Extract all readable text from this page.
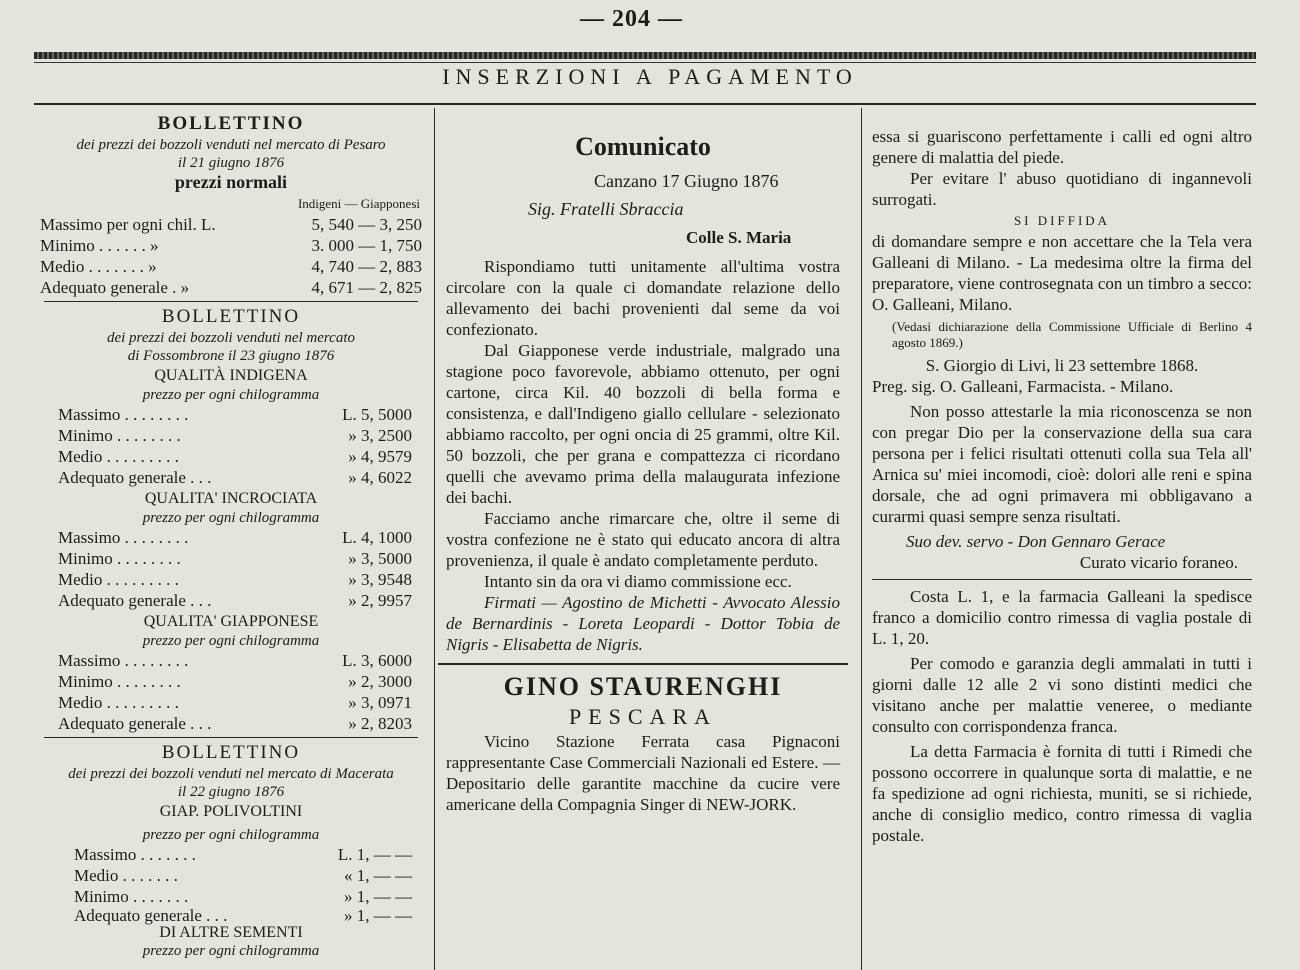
— 204 —
INSERZIONI A PAGAMENTO
BOLLETTINO
dei prezzi dei bozzoli venduti nel mercato di Pesaro
il 21 giugno 1876
prezzi normali
Indigeni — Giapponesi
Massimo per ogni chil. L.	5, 540 — 3, 250
Minimo . . . . . . »	3. 000 — 1, 750
Medio . . . . . . . »	4, 740 — 2, 883
Adequato generale . »	4, 671 — 2, 825
BOLLETTINO
dei prezzi dei bozzoli venduti nel mercato
di Fossombrone il 23 giugno 1876
QUALITÀ INDIGENA
prezzo per ogni chilogramma
Massimo . . . . . . . .	L. 5, 5000
Minimo . . . . . . . .	» 3, 2500
Medio . . . . . . . . .	» 4, 9579
Adequato generale . . .	» 4, 6022
QUALITA' INCROCIATA
prezzo per ogni chilogramma
Massimo . . . . . . . .	L. 4, 1000
Minimo . . . . . . . .	» 3, 5000
Medio . . . . . . . . .	» 3, 9548
Adequato generale . . .	» 2, 9957
QUALITA' GIAPPONESE
prezzo per ogni chilogramma
Massimo . . . . . . . .	L. 3, 6000
Minimo . . . . . . . .	» 2, 3000
Medio . . . . . . . . .	» 3, 0971
Adequato generale . . .	» 2, 8203
BOLLETTINO
dei prezzi dei bozzoli venduti nel mercato di Macerata
il 22 giugno 1876
GIAP. POLIVOLTINI
prezzo per ogni chilogramma
Massimo . . . . . . .	L. 1, — —
Medio . . . . . . .	« 1, — —
Minimo . . . . . . .	» 1, — —
Adequato generale . . .	» 1, — —
DI ALTRE SEMENTI
prezzo per ogni chilogramma
Comunicato
Canzano 17 Giugno 1876
Sig. Fratelli Sbraccia
Colle S. Maria

Rispondiamo tutti unitamente all'ultima vostra circolare con la quale ci domandate relazione dello allevamento dei bachi provenienti dal seme da voi confezionato.

Dal Giapponese verde industriale, malgrado una stagione poco favorevole, abbiamo ottenuto, per ogni cartone, circa Kil. 40 bozzoli di bella forma e consistenza, e dall'Indigeno giallo cellulare - selezionato abbiamo raccolto, per ogni oncia di 25 grammi, oltre Kil. 50 bozzoli, che per grana e compattezza ci ricordano quelli che avevamo prima della malaugurata infezione dei bachi.

Facciamo anche rimarcare che, oltre il seme di vostra confezione ne è stato qui educato ancora di altra provenienza, il quale è andato completamente perduto.

Intanto sin da ora vi diamo commissione ecc.

Firmati — Agostino de Michetti - Avvocato Alessio de Bernardinis - Loreta Leopardi - Dottor Tobia de Nigris - Elisabetta de Nigris.

GINO STAURENGHI
PESCARA

Vicino Stazione Ferrata casa Pignaconi rappresentante Case Commerciali Nazionali ed Estere. — Depositario delle garantite macchine da cucire vere americane della Compagnia Singer di NEW-JORK.

essa si guariscono perfettamente i calli ed ogni altro genere di malattia del piede.

Per evitare l' abuso quotidiano di ingannevoli surrogati.

SI DIFFIDA

di domandare sempre e non accettare che la Tela vera Galleani di Milano. - La medesima oltre la firma del preparatore, viene controsegnata con un timbro a secco: O. Galleani, Milano.

(Vedasi dichiarazione della Commissione Ufficiale di Berlino 4 agosto 1869.)

S. Giorgio di Livi, li 23 settembre 1868.

Preg. sig. O. Galleani, Farmacista. - Milano.

Non posso attestarle la mia riconoscenza se non con pregar Dio per la conservazione della sua cara persona per i felici risultati ottenuti colla sua Tela all' Arnica su' miei incomodi, cioè: dolori alle reni e spina dorsale, che ad ogni primavera mi obbligavano a curarmi quasi sempre senza risultati.

Suo dev. servo - Don Gennaro Gerace

Curato vicario foraneo.

Costa L. 1, e la farmacia Galleani la spedisce franco a domicilio contro rimessa di vaglia postale di L. 1, 20.

Per comodo e garanzia degli ammalati in tutti i giorni dalle 12 alle 2 vi sono distinti medici che visitano anche per malattie veneree, o mediante consulto con corrispondenza franca.

La detta Farmacia è fornita di tutti i Rimedi che possono occorrere in qualunque sorta di malattie, e ne fa spedizione ad ogni richiesta, muniti, se si richiede, anche di consiglio medico, contro rimessa di vaglia postale.
